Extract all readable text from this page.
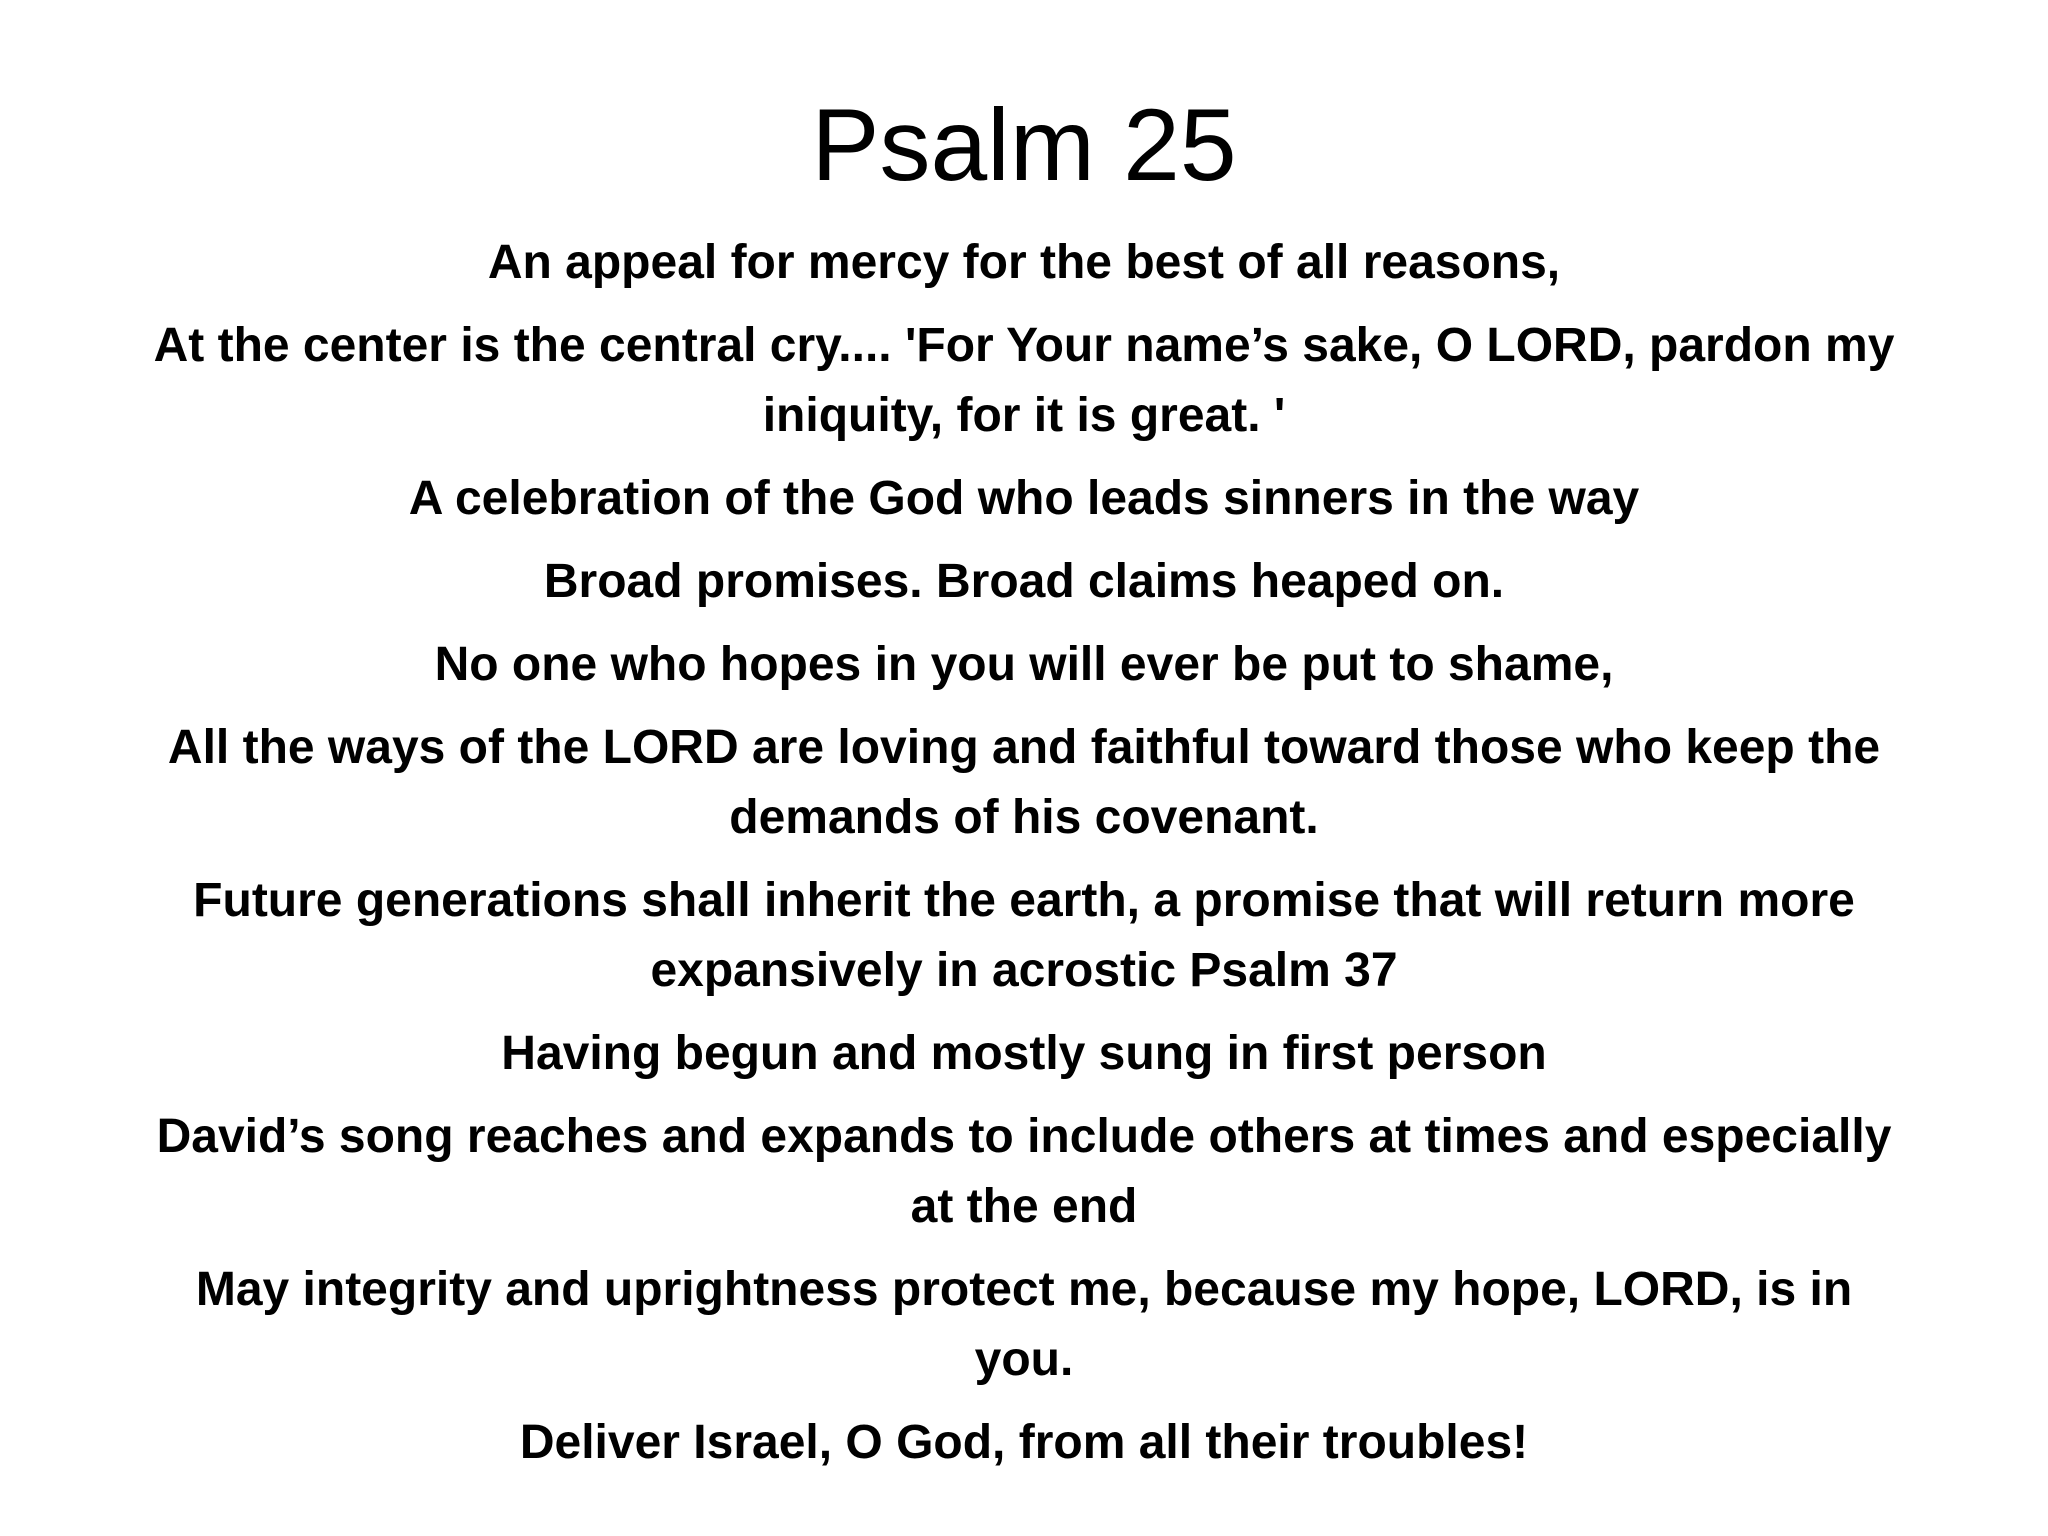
Psalm 25
An appeal for mercy for the best of all reasons,
At the center is the central cry.... 'For Your name’s sake, O LORD, pardon my iniquity, for it is great. '
A celebration of the God who leads sinners in the way
Broad promises. Broad claims heaped on.
No one who hopes in you will ever be put to shame,
All the ways of the LORD are loving and faithful toward those who keep the demands of his covenant.
Future generations shall inherit the earth, a promise that will return more expansively in acrostic Psalm 37
Having begun and mostly sung in first person
David’s song reaches and expands to include others at times and especially at the end
May integrity and uprightness protect me, because my hope, LORD, is in you.
Deliver Israel, O God, from all their troubles!
